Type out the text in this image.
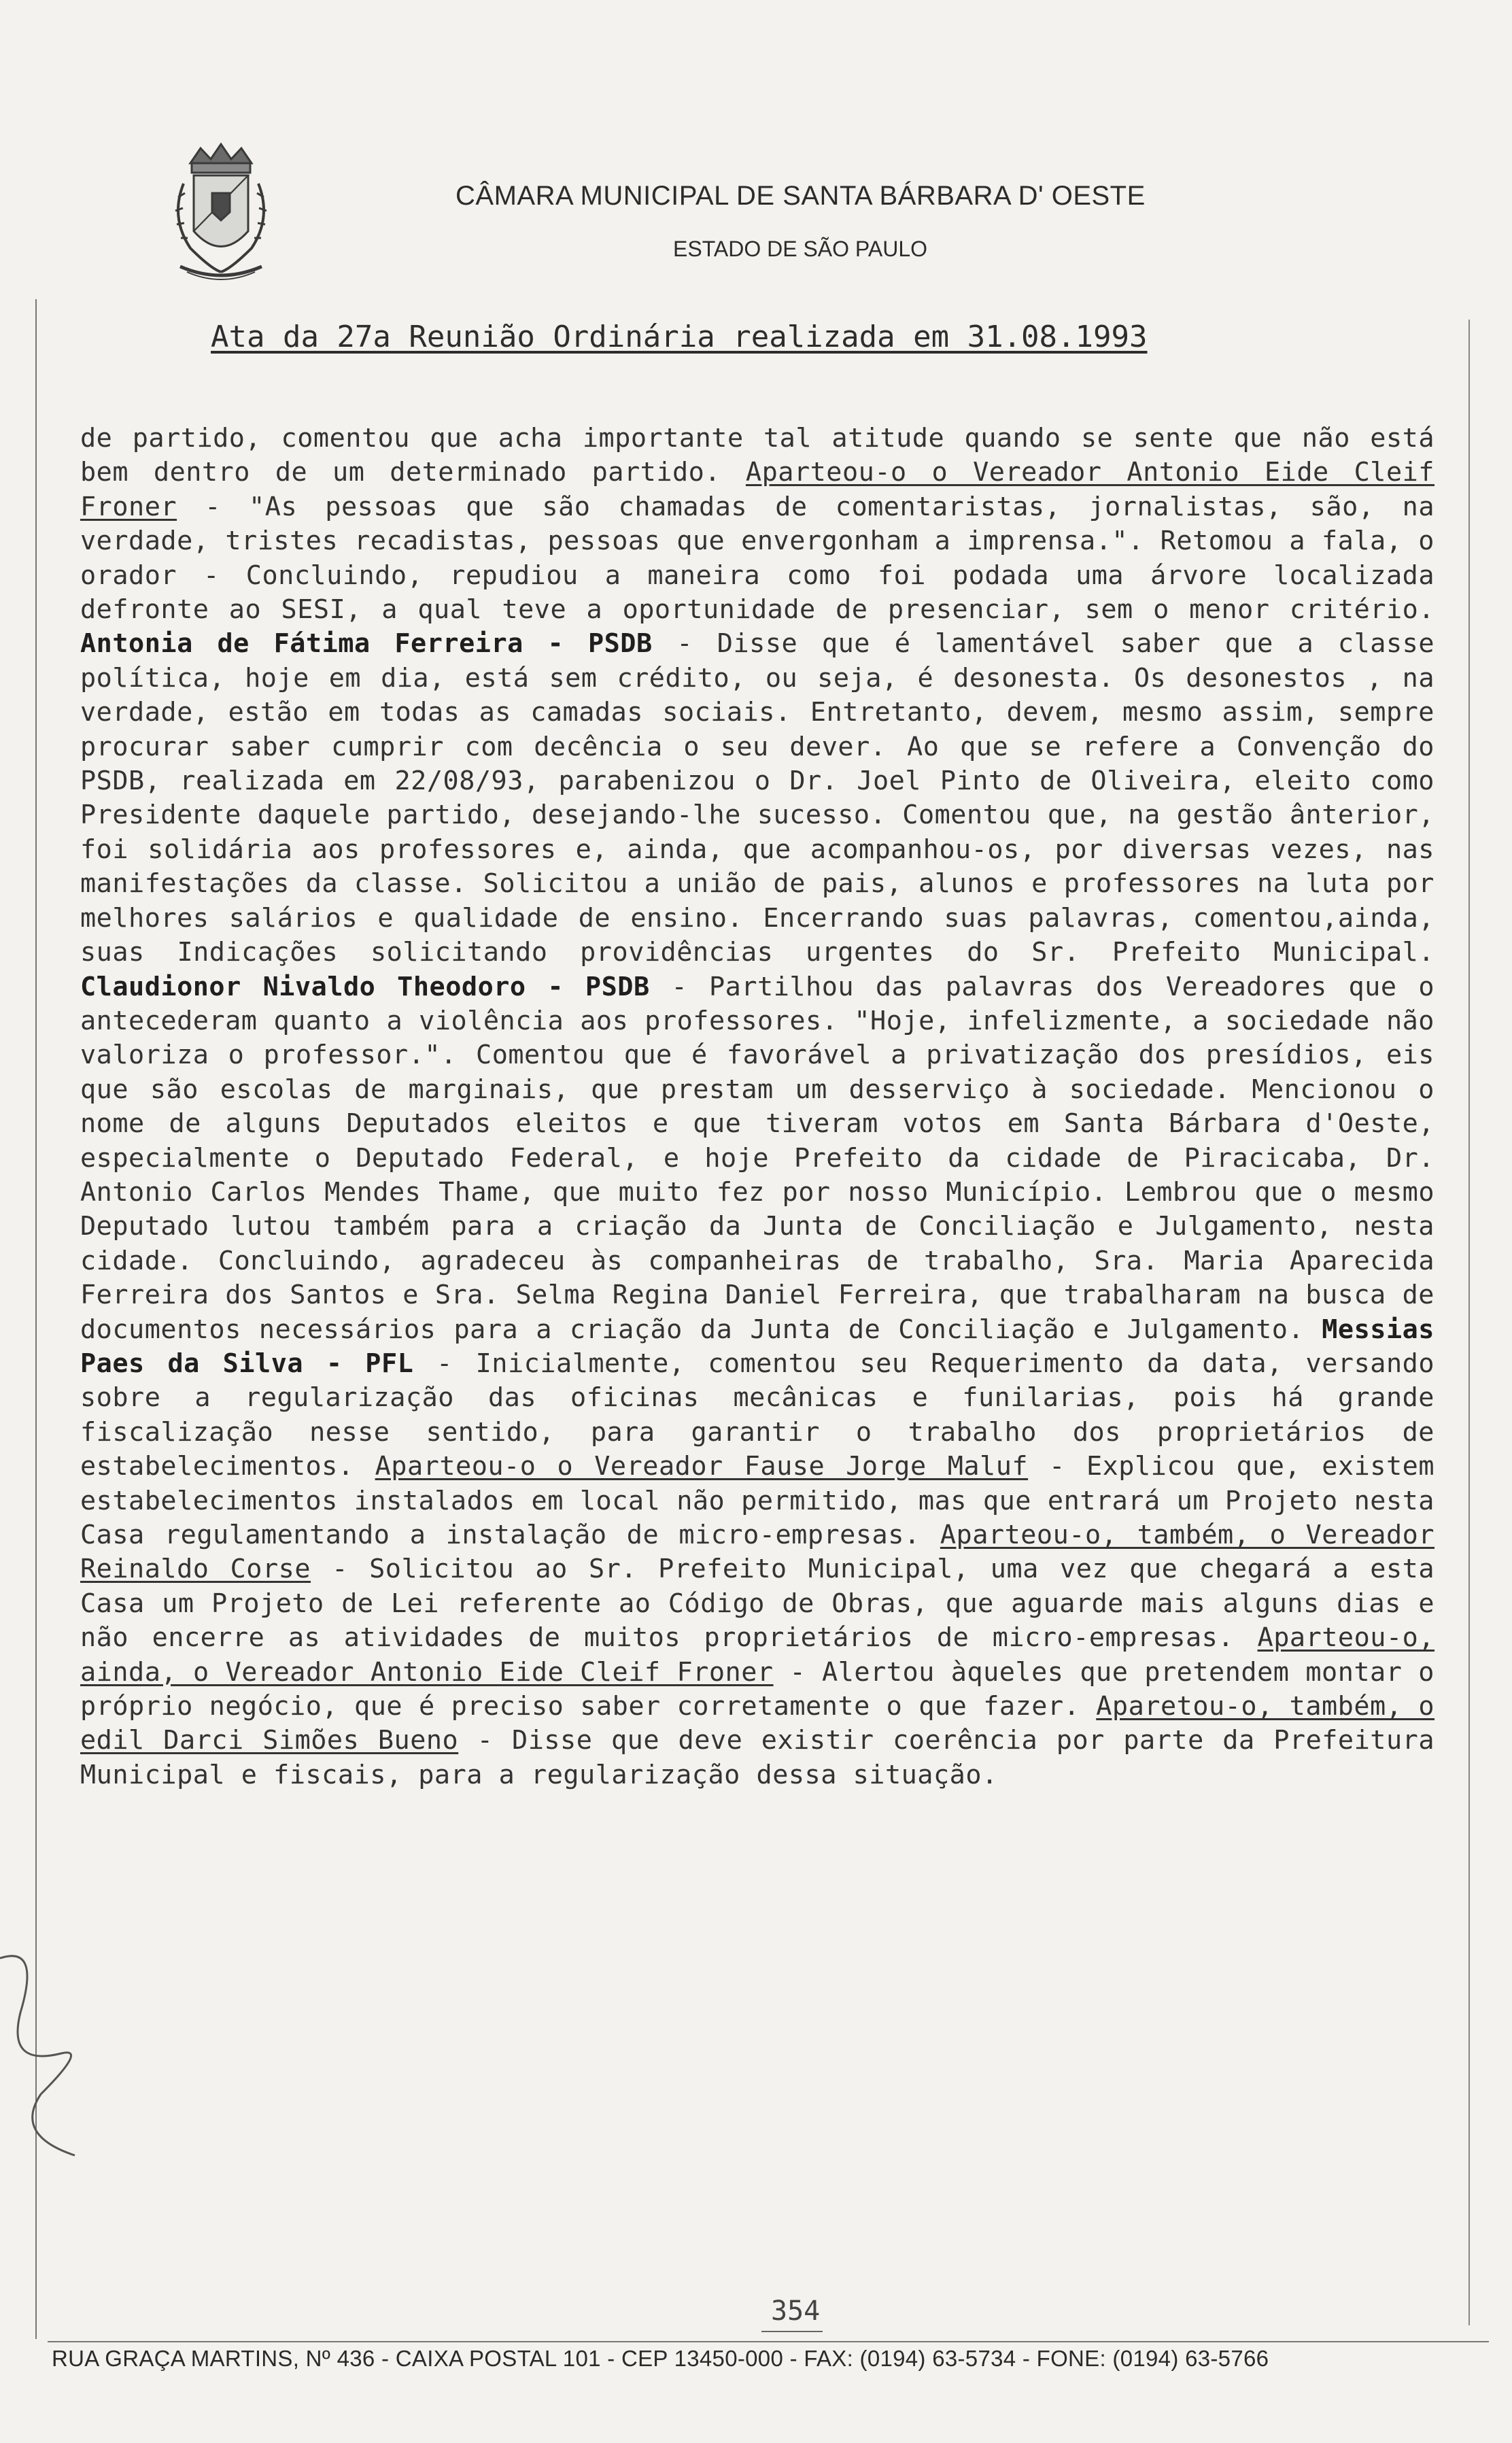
CÂMARA MUNICIPAL DE SANTA BÁRBARA D' OESTE
ESTADO DE SÃO PAULO
Ata da 27a Reunião Ordinária realizada em 31.08.1993
de partido, comentou que acha importante tal atitude quando se sente que não está bem dentro de um determinado partido. Aparteou-o o Vereador Antonio Eide Cleif Froner - "As pessoas que são chamadas de comentaristas, jornalistas, são, na verdade, tristes recadistas, pessoas que envergonham a imprensa.". Retomou a fala, o orador - Concluindo, repudiou a maneira como foi podada uma árvore localizada defronte ao SESI, a qual teve a oportunidade de presenciar, sem o menor critério. Antonia de Fátima Ferreira - PSDB - Disse que é lamentável saber que a classe política, hoje em dia, está sem crédito, ou seja, é desonesta. Os desonestos , na verdade, estão em todas as camadas sociais. Entretanto, devem, mesmo assim, sempre procurar saber cumprir com decência o seu dever. Ao que se refere a Convenção do PSDB, realizada em 22/08/93, parabenizou o Dr. Joel Pinto de Oliveira, eleito como Presidente daquele partido, desejando-lhe sucesso. Comentou que, na gestão ânterior, foi solidária aos professores e, ainda, que acompanhou-os, por diversas vezes, nas manifestações da classe. Solicitou a união de pais, alunos e professores na luta por melhores salários e qualidade de ensino. Encerrando suas palavras, comentou,ainda, suas Indicações solicitando providências urgentes do Sr. Prefeito Municipal. Claudionor Nivaldo Theodoro - PSDB - Partilhou das palavras dos Vereadores que o antecederam quanto a violência aos professores. "Hoje, infelizmente, a sociedade não valoriza o professor.". Comentou que é favorável a privatização dos presídios, eis que são escolas de marginais, que prestam um desserviço à sociedade. Mencionou o nome de alguns Deputados eleitos e que tiveram votos em Santa Bárbara d'Oeste, especialmente o Deputado Federal, e hoje Prefeito da cidade de Piracicaba, Dr. Antonio Carlos Mendes Thame, que muito fez por nosso Município. Lembrou que o mesmo Deputado lutou também para a criação da Junta de Conciliação e Julgamento, nesta cidade. Concluindo, agradeceu às companheiras de trabalho, Sra. Maria Aparecida Ferreira dos Santos e Sra. Selma Regina Daniel Ferreira, que trabalharam na busca de documentos necessários para a criação da Junta de Conciliação e Julgamento. Messias Paes da Silva - PFL - Inicialmente, comentou seu Requerimento da data, versando sobre a regularização das oficinas mecânicas e funilarias, pois há grande fiscalização nesse sentido, para garantir o trabalho dos proprietários de estabelecimentos. Aparteou-o o Vereador Fause Jorge Maluf - Explicou que, existem estabelecimentos instalados em local não permitido, mas que entrará um Projeto nesta Casa regulamentando a instalação de micro-empresas. Aparteou-o, também, o Vereador Reinaldo Corse - Solicitou ao Sr. Prefeito Municipal, uma vez que chegará a esta Casa um Projeto de Lei referente ao Código de Obras, que aguarde mais alguns dias e não encerre as atividades de muitos proprietários de micro-empresas. Aparteou-o, ainda, o Vereador Antonio Eide Cleif Froner - Alertou àqueles que pretendem montar o próprio negócio, que é preciso saber corretamente o que fazer. Aparetou-o, também, o edil Darci Simões Bueno - Disse que deve existir coerência por parte da Prefeitura Municipal e fiscais, para a regularização dessa situação.
354
RUA GRAÇA MARTINS, Nº 436 - CAIXA POSTAL 101 - CEP 13450-000 - FAX: (0194) 63-5734 - FONE: (0194) 63-5766
